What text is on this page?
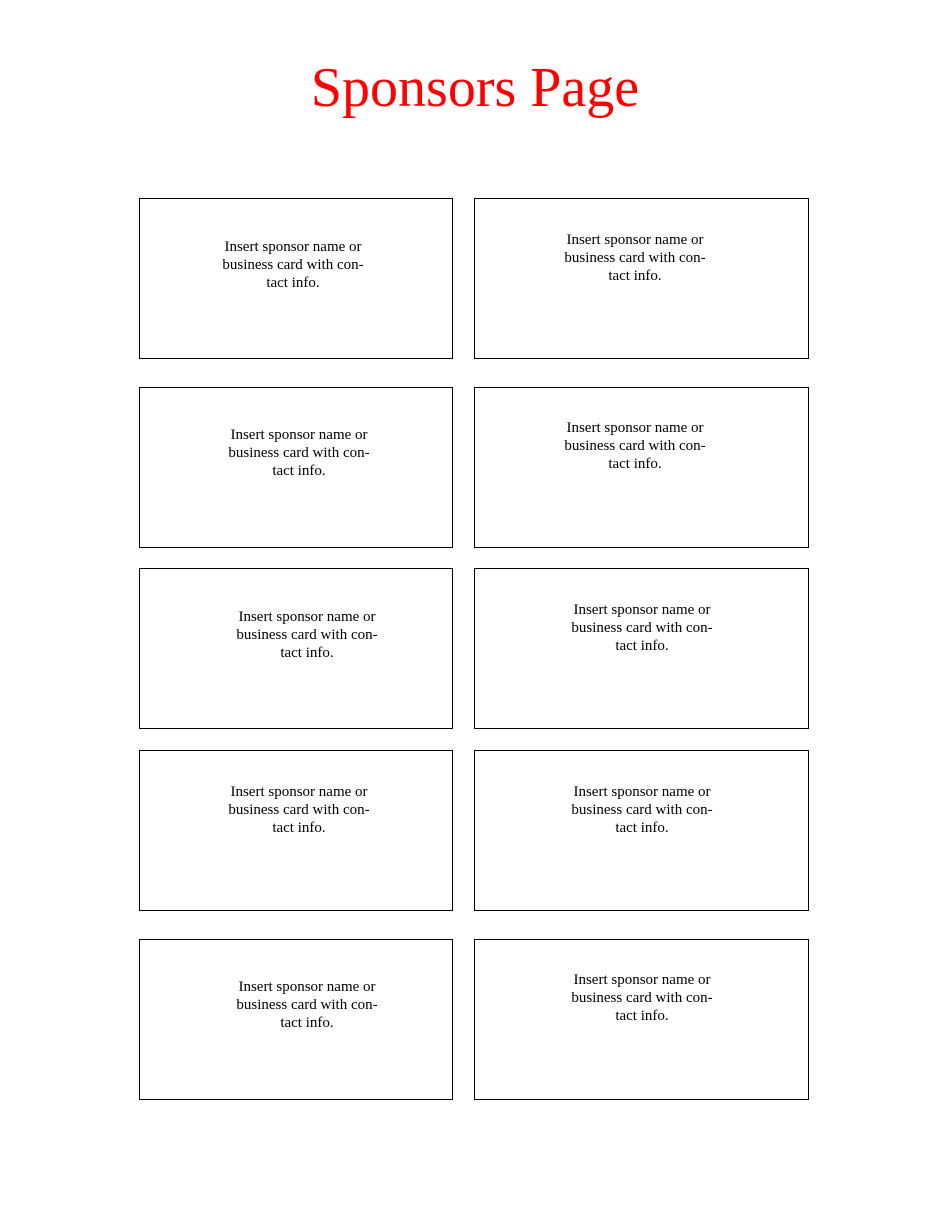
Sponsors Page
Insert sponsor name or
business card with con-
tact info.
Insert sponsor name or
business card with con-
tact info.
Insert sponsor name or
business card with con-
tact info.
Insert sponsor name or
business card with con-
tact info.
Insert sponsor name or
business card with con-
tact info.
Insert sponsor name or
business card with con-
tact info.
Insert sponsor name or
business card with con-
tact info.
Insert sponsor name or
business card with con-
tact info.
Insert sponsor name or
business card with con-
tact info.
Insert sponsor name or
business card with con-
tact info.
